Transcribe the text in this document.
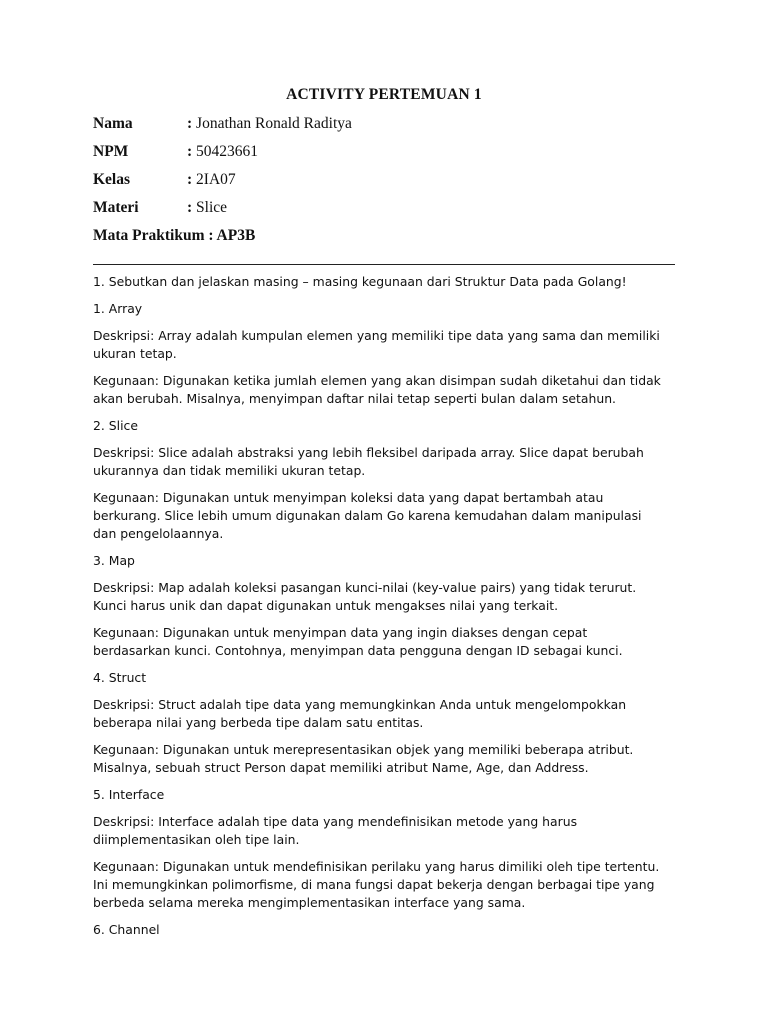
ACTIVITY PERTEMUAN 1
Nama	: Jonathan Ronald Raditya
NPM	: 50423661
Kelas	: 2IA07
Materi	: Slice
Mata Praktikum : AP3B

1. Sebutkan dan jelaskan masing – masing kegunaan dari Struktur Data pada Golang!

1. Array

Deskripsi: Array adalah kumpulan elemen yang memiliki tipe data yang sama dan memiliki ukuran tetap.

Kegunaan: Digunakan ketika jumlah elemen yang akan disimpan sudah diketahui dan tidak akan berubah. Misalnya, menyimpan daftar nilai tetap seperti bulan dalam setahun.

2. Slice

Deskripsi: Slice adalah abstraksi yang lebih fleksibel daripada array. Slice dapat berubah ukurannya dan tidak memiliki ukuran tetap.

Kegunaan: Digunakan untuk menyimpan koleksi data yang dapat bertambah atau berkurang. Slice lebih umum digunakan dalam Go karena kemudahan dalam manipulasi dan pengelolaannya.

3. Map

Deskripsi: Map adalah koleksi pasangan kunci-nilai (key-value pairs) yang tidak terurut. Kunci harus unik dan dapat digunakan untuk mengakses nilai yang terkait.

Kegunaan: Digunakan untuk menyimpan data yang ingin diakses dengan cepat berdasarkan kunci. Contohnya, menyimpan data pengguna dengan ID sebagai kunci.

4. Struct

Deskripsi: Struct adalah tipe data yang memungkinkan Anda untuk mengelompokkan beberapa nilai yang berbeda tipe dalam satu entitas.

Kegunaan: Digunakan untuk merepresentasikan objek yang memiliki beberapa atribut. Misalnya, sebuah struct Person dapat memiliki atribut Name, Age, dan Address.

5. Interface

Deskripsi: Interface adalah tipe data yang mendefinisikan metode yang harus diimplementasikan oleh tipe lain.

Kegunaan: Digunakan untuk mendefinisikan perilaku yang harus dimiliki oleh tipe tertentu. Ini memungkinkan polimorfisme, di mana fungsi dapat bekerja dengan berbagai tipe yang berbeda selama mereka mengimplementasikan interface yang sama.

6. Channel
